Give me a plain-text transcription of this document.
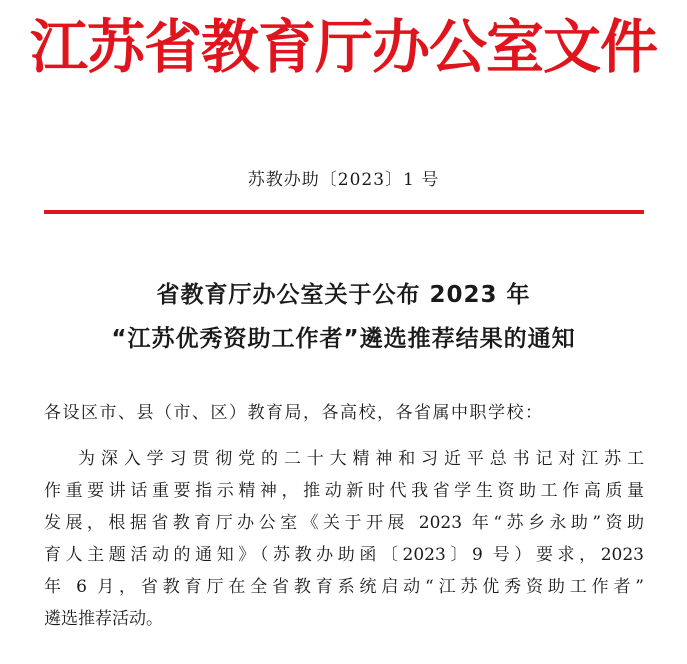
江苏省教育厅办公室文件
苏教办助〔2023〕1 号
省教育厅办公室关于公布 2023 年
“江苏优秀资助工作者”遴选推荐结果的通知
各设区市、县（市、区）教育局，各高校，各省属中职学校：
为深入学习贯彻党的二十大精神和习近平总书记对江苏工
作重要讲话重要指示精神，推动新时代我省学生资助工作高质量
发展，根据省教育厅办公室《关于开展 2023 年“苏乡永助”资助
育人主题活动的通知》（苏教办助函〔2023〕9 号）要求，2023
年 6 月，省教育厅在全省教育系统启动“江苏优秀资助工作者”
遴选推荐活动。
